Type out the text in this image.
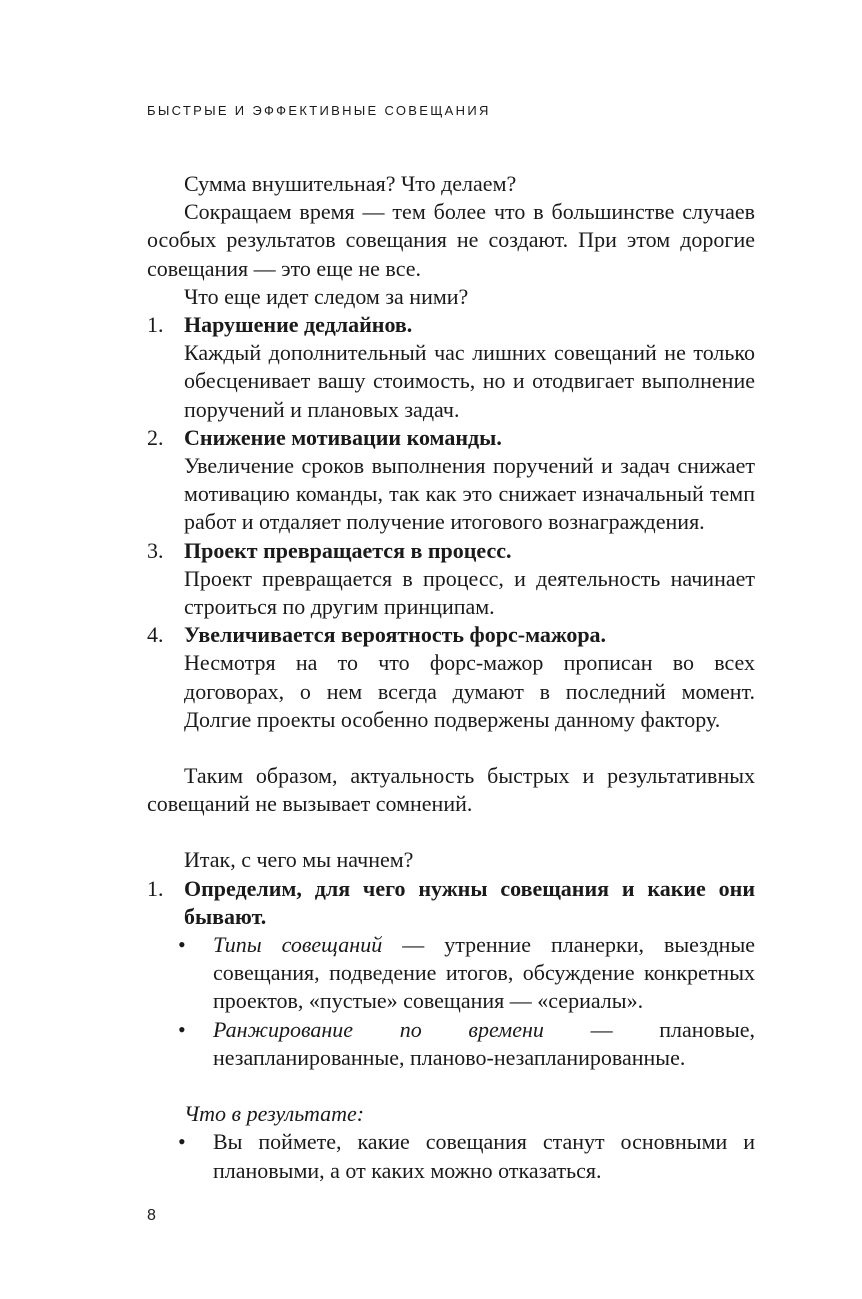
БЫСТРЫЕ И ЭФФЕКТИВНЫЕ СОВЕЩАНИЯ

Сумма внушительная? Что делаем?

Сокращаем время — тем более что в большинстве случаев особых результатов совещания не создают. При этом дорогие совещания — это еще не все.

Что еще идет следом за ними?

1. Нарушение дедлайнов.

Каждый дополнительный час лишних совещаний не только обесценивает вашу стоимость, но и отодвигает выполнение поручений и плановых задач.

2. Снижение мотивации команды.

Увеличение сроков выполнения поручений и задач снижает мотивацию команды, так как это снижает изначальный темп работ и отдаляет получение итогового вознаграждения.

3. Проект превращается в процесс.

Проект превращается в процесс, и деятельность начинает строиться по другим принципам.

4. Увеличивается вероятность форс-мажора.

Несмотря на то что форс-мажор прописан во всех договорах, о нем всегда думают в последний момент. Долгие проекты особенно подвержены данному фактору.

Таким образом, актуальность быстрых и результативных совещаний не вызывает сомнений.

Итак, с чего мы начнем?

1. Определим, для чего нужны совещания и какие они бывают.

• Типы совещаний — утренние планерки, выездные совещания, подведение итогов, обсуждение конкретных проектов, «пустые» совещания — «сериалы».
• Ранжирование по времени — плановые, незапланированные, планово-незапланированные.

Что в результате:

• Вы поймете, какие совещания станут основными и плановыми, а от каких можно отказаться.
8
